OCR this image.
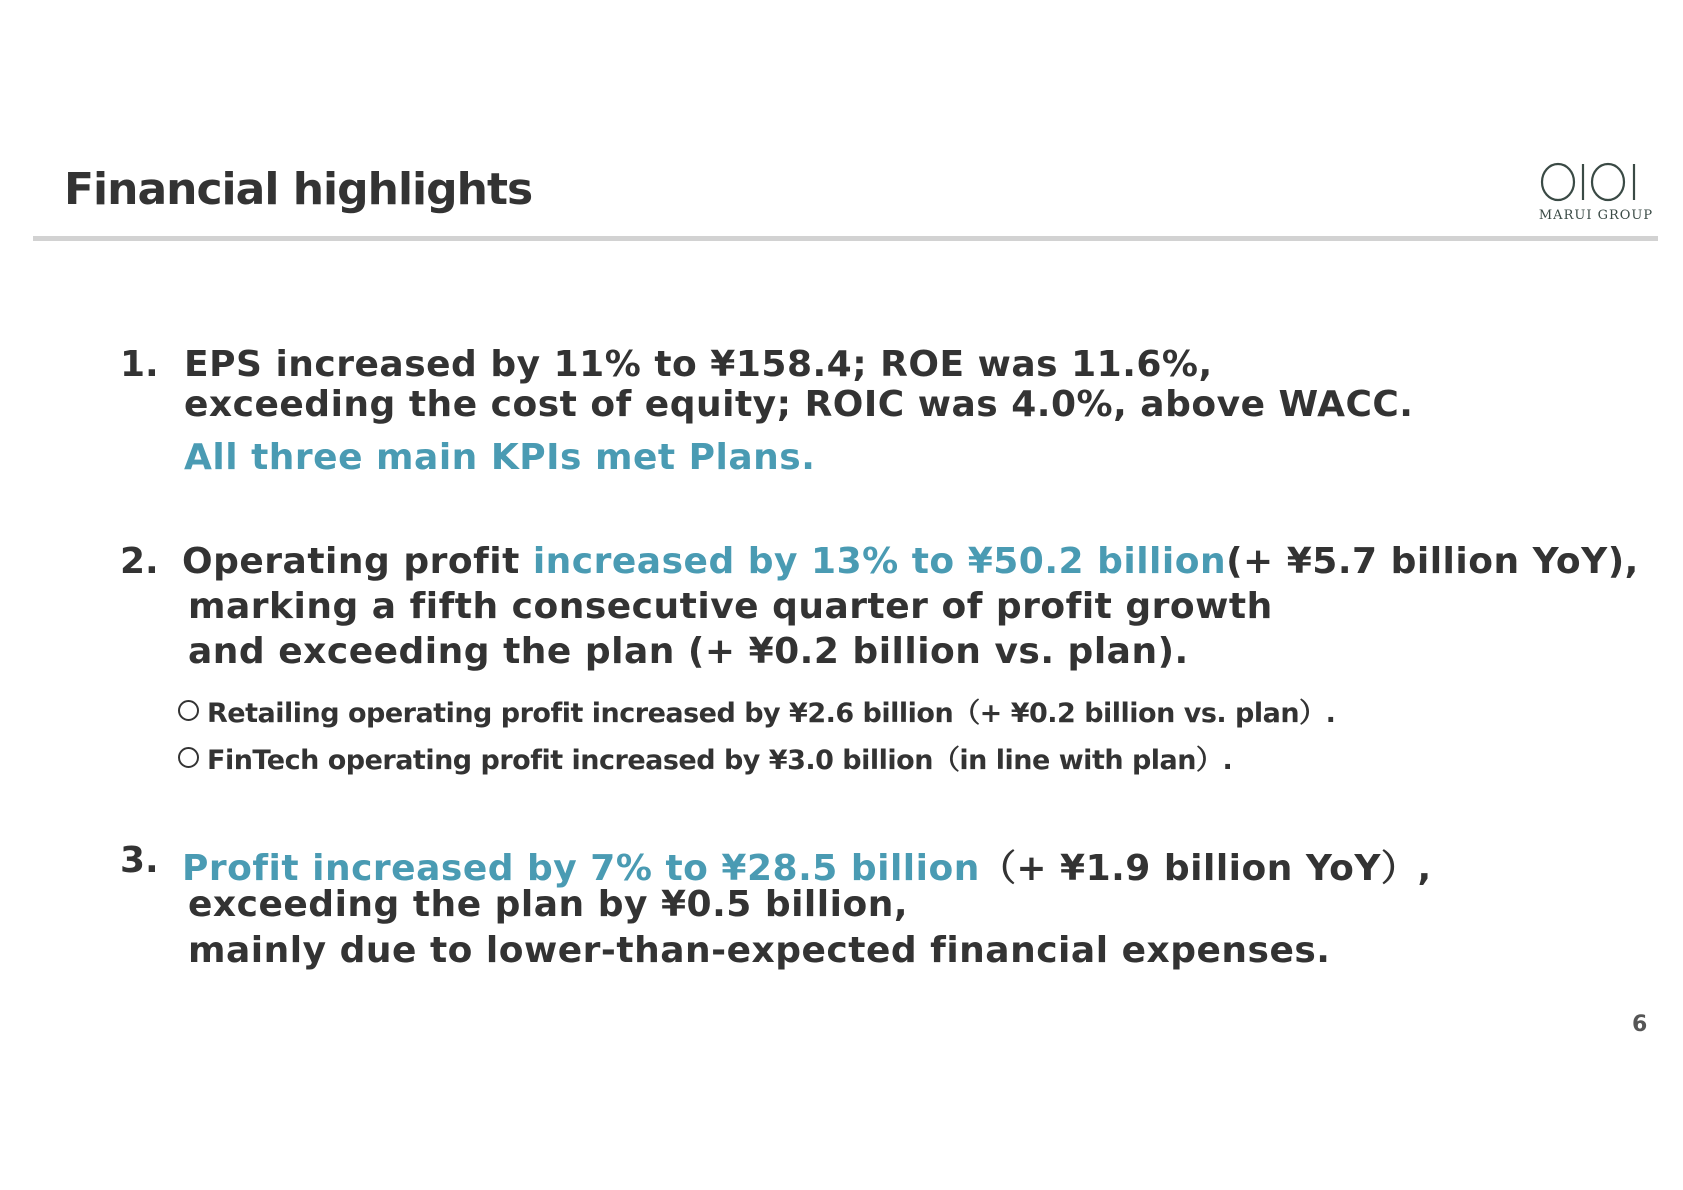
Financial highlights
MARUI GROUP
1. EPS increased by 11% to ¥158.4; ROE was 11.6%,
exceeding the cost of equity; ROIC was 4.0%, above WACC.
All three main KPIs met Plans.
2. Operating profit increased by 13% to ¥50.2 billion(+ ¥5.7 billion YoY),
marking a fifth consecutive quarter of profit growth
and exceeding the plan (+ ¥0.2 billion vs. plan).
Retailing operating profit increased by ¥2.6 billion（+ ¥0.2 billion vs. plan）.
FinTech operating profit increased by ¥3.0 billion（in line with plan）.
3. Profit increased by 7% to ¥28.5 billion（+ ¥1.9 billion YoY）,
exceeding the plan by ¥0.5 billion,
mainly due to lower-than-expected financial expenses.
6
